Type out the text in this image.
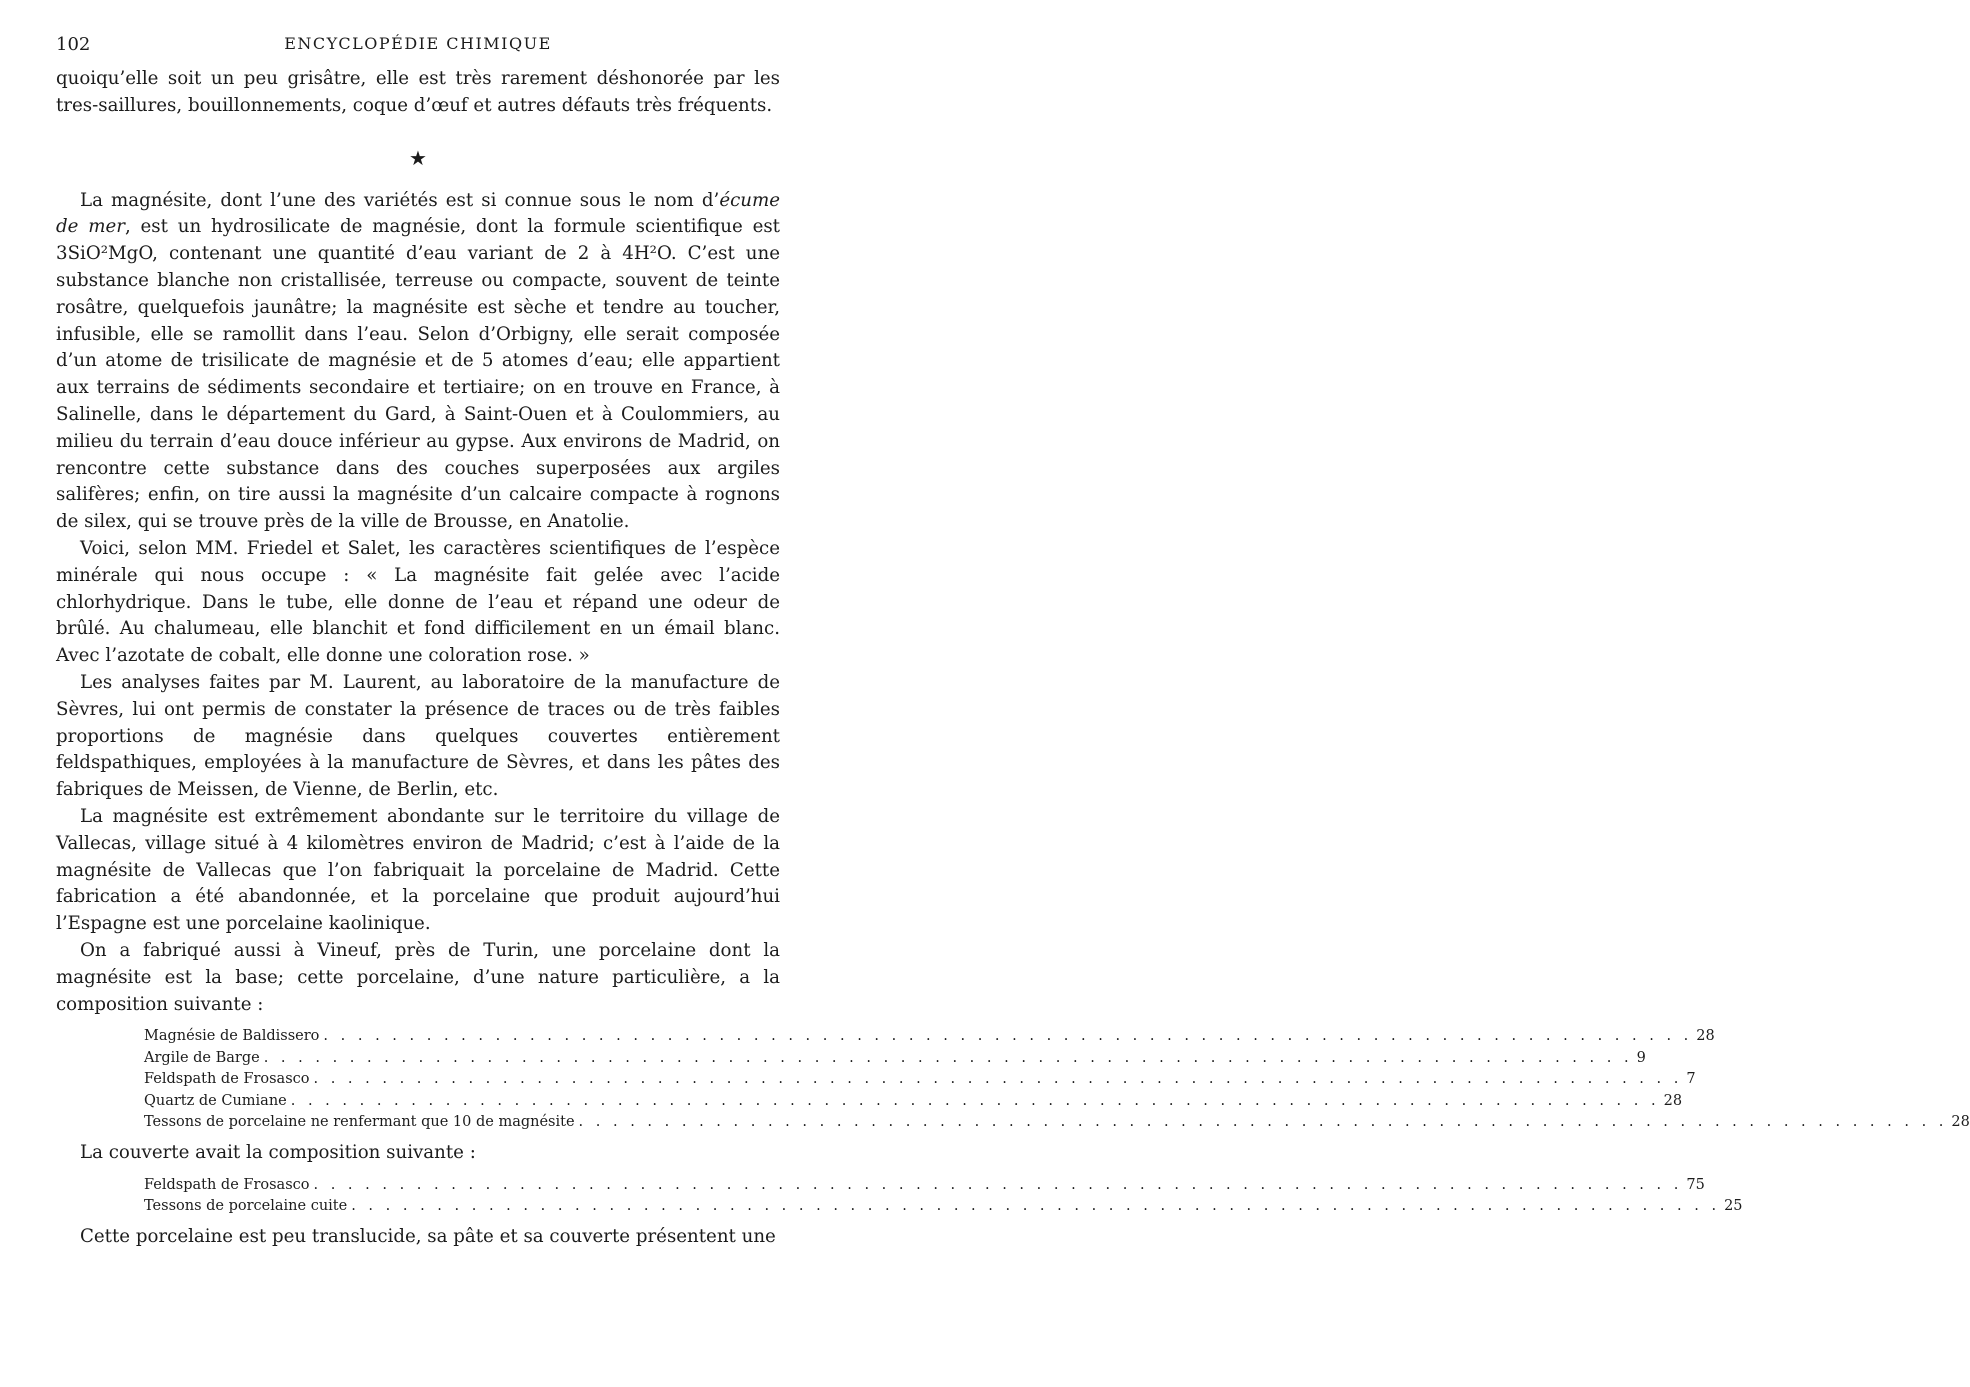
102	ENCYCLOPÉDIE CHIMIQUE

quoiqu’elle soit un peu grisâtre, elle est très rarement déshonorée par les tres-saillures, bouillonnements, coque d’œuf et autres défauts très fréquents.

★

La magnésite, dont l’une des variétés est si connue sous le nom d’écume de mer, est un hydrosilicate de magnésie, dont la formule scientifique est 3SiO²MgO, contenant une quantité d’eau variant de 2 à 4H²O. C’est une substance blanche non cristallisée, terreuse ou compacte, souvent de teinte rosâtre, quelquefois jaunâtre; la magnésite est sèche et tendre au toucher, infusible, elle se ramollit dans l’eau. Selon d’Orbigny, elle serait composée d’un atome de trisilicate de magnésie et de 5 atomes d’eau; elle appartient aux terrains de sédiments secondaire et tertiaire; on en trouve en France, à Salinelle, dans le département du Gard, à Saint-Ouen et à Coulommiers, au milieu du terrain d’eau douce inférieur au gypse. Aux environs de Madrid, on rencontre cette substance dans des couches superposées aux argiles salifères; enfin, on tire aussi la magnésite d’un calcaire compacte à rognons de silex, qui se trouve près de la ville de Brousse, en Anatolie.

Voici, selon MM. Friedel et Salet, les caractères scientifiques de l’espèce minérale qui nous occupe : « La magnésite fait gelée avec l’acide chlorhydrique. Dans le tube, elle donne de l’eau et répand une odeur de brûlé. Au chalumeau, elle blanchit et fond difficilement en un émail blanc. Avec l’azotate de cobalt, elle donne une coloration rose. »

Les analyses faites par M. Laurent, au laboratoire de la manufacture de Sèvres, lui ont permis de constater la présence de traces ou de très faibles proportions de magnésie dans quelques couvertes entièrement feldspathiques, employées à la manufacture de Sèvres, et dans les pâtes des fabriques de Meissen, de Vienne, de Berlin, etc.

La magnésite est extrêmement abondante sur le territoire du village de Vallecas, village situé à 4 kilomètres environ de Madrid; c’est à l’aide de la magnésite de Vallecas que l’on fabriquait la porcelaine de Madrid. Cette fabrication a été abandonnée, et la porcelaine que produit aujourd’hui l’Espagne est une porcelaine kaolinique.

On a fabriqué aussi à Vineuf, près de Turin, une porcelaine dont la magnésite est la base; cette porcelaine, d’une nature particulière, a la composition suivante :

Magnésie de Baldissero . . . . . . . . . . . . . . . . . . . . . . . . . . . . . . . . . . . . . . . . . . . . . . . . . . . . . . . . . . . . . . . . . . . . . . . . . . . . . . . . 28
Argile de Barge . . . . . . . . . . . . . . . . . . . . . . . . . . . . . . . . . . . . . . . . . . . . . . . . . . . . . . . . . . . . . . . . . . . . . . . . . . . . . . . . 9
Feldspath de Frosasco . . . . . . . . . . . . . . . . . . . . . . . . . . . . . . . . . . . . . . . . . . . . . . . . . . . . . . . . . . . . . . . . . . . . . . . . . . . . . . . . 7
Quartz de Cumiane . . . . . . . . . . . . . . . . . . . . . . . . . . . . . . . . . . . . . . . . . . . . . . . . . . . . . . . . . . . . . . . . . . . . . . . . . . . . . . . . 28
Tessons de porcelaine ne renfermant que 10 de magnésite . . . . . . . . . . . . . . . . . . . . . . . . . . . . . . . . . . . . . . . . . . . . . . . . . . . . . . . . . . . . . . . . . . . . . . . . . . . . . . . . 28

La couverte avait la composition suivante :

Feldspath de Frosasco . . . . . . . . . . . . . . . . . . . . . . . . . . . . . . . . . . . . . . . . . . . . . . . . . . . . . . . . . . . . . . . . . . . . . . . . . . . . . . . . 75
Tessons de porcelaine cuite . . . . . . . . . . . . . . . . . . . . . . . . . . . . . . . . . . . . . . . . . . . . . . . . . . . . . . . . . . . . . . . . . . . . . . . . . . . . . . . . 25

Cette porcelaine est peu translucide, sa pâte et sa couverte présentent une
